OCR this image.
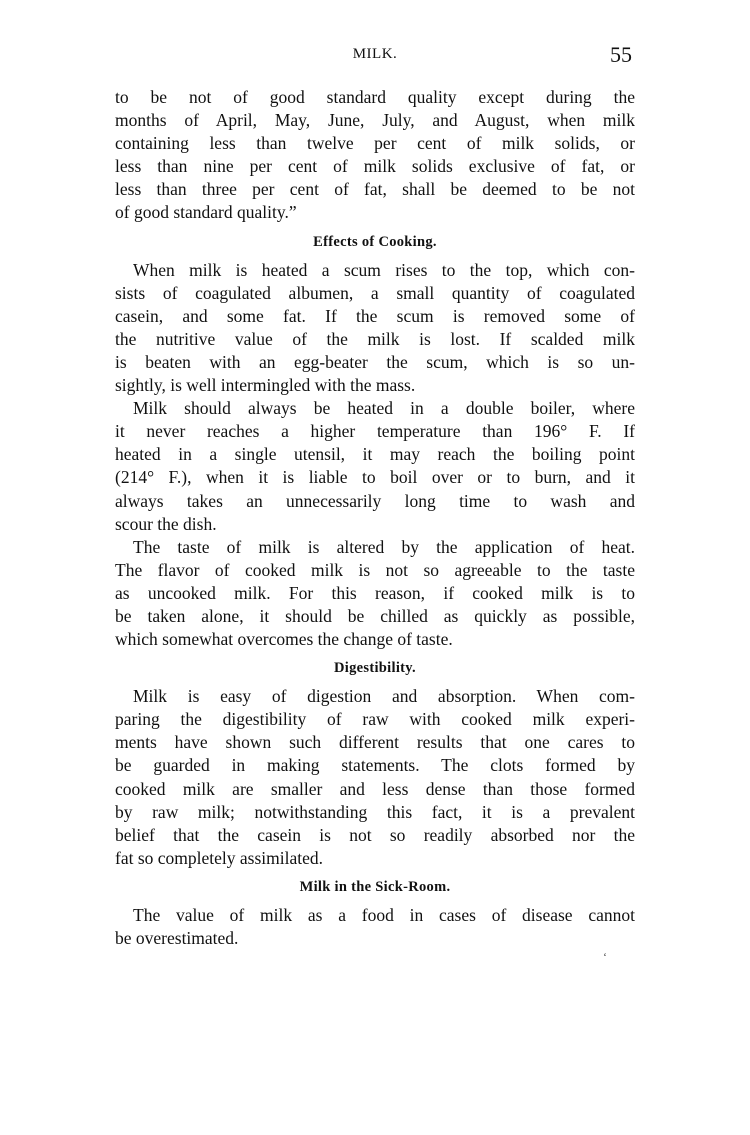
MILK.	55

to be not of good standard quality except during the

months of April, May, June, July, and August, when milk

containing less than twelve per cent of milk solids, or

less than nine per cent of milk solids exclusive of fat, or

less than three per cent of fat, shall be deemed to be not

of good standard quality.”

Effects of Cooking.

When milk is heated a scum rises to the top, which con-

sists of coagulated albumen, a small quantity of coagulated

casein, and some fat. If the scum is removed some of

the nutritive value of the milk is lost. If scalded milk

is beaten with an egg-beater the scum, which is so un-

sightly, is well intermingled with the mass.

Milk should always be heated in a double boiler, where

it never reaches a higher temperature than 196° F. If

heated in a single utensil, it may reach the boiling point

(214° F.), when it is liable to boil over or to burn, and it

always takes an unnecessarily long time to wash and

scour the dish.

The taste of milk is altered by the application of heat.

The flavor of cooked milk is not so agreeable to the taste

as uncooked milk. For this reason, if cooked milk is to

be taken alone, it should be chilled as quickly as possible,

which somewhat overcomes the change of taste.

Digestibility.

Milk is easy of digestion and absorption. When com-

paring the digestibility of raw with cooked milk experi-

ments have shown such different results that one cares to

be guarded in making statements. The clots formed by

cooked milk are smaller and less dense than those formed

by raw milk; notwithstanding this fact, it is a prevalent

belief that the casein is not so readily absorbed nor the

fat so completely assimilated.

Milk in the Sick-Room.

The value of milk as a food in cases of disease cannot

be overestimated.

‘
